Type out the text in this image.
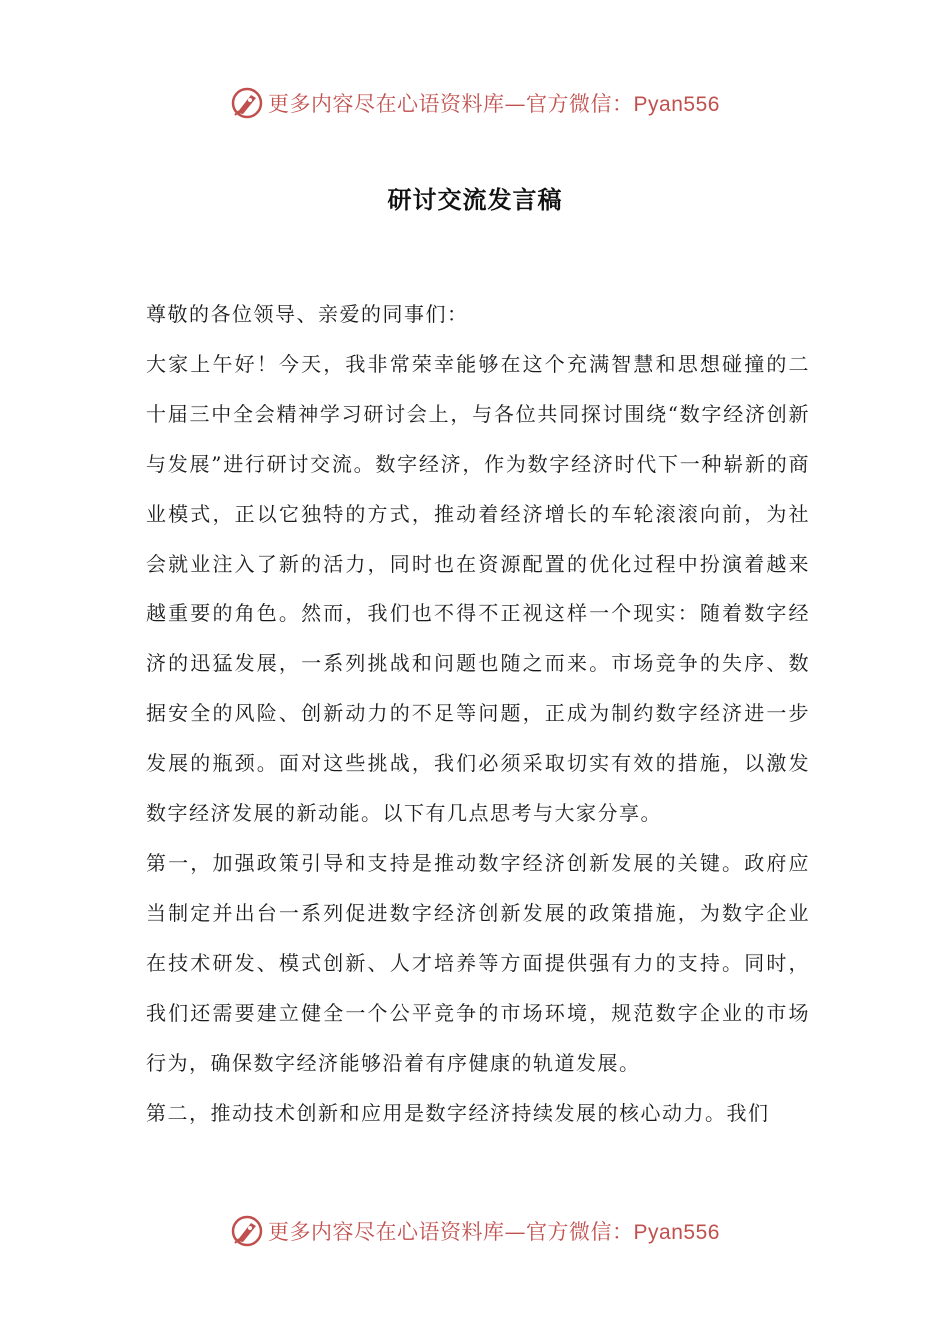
更多内容尽在心语资料库—官方微信：Pyan556
研讨交流发言稿

尊敬的各位领导、亲爱的同事们：

大家上午好！今天，我非常荣幸能够在这个充满智慧和思想碰撞的二十届三中全会精神学习研讨会上，与各位共同探讨围绕“数字经济创新与发展”进行研讨交流。数字经济，作为数字经济时代下一种崭新的商业模式，正以它独特的方式，推动着经济增长的车轮滚滚向前，为社会就业注入了新的活力，同时也在资源配置的优化过程中扮演着越来越重要的角色。然而，我们也不得不正视这样一个现实：随着数字经济的迅猛发展，一系列挑战和问题也随之而来。市场竞争的失序、数据安全的风险、创新动力的不足等问题，正成为制约数字经济进一步发展的瓶颈。面对这些挑战，我们必须采取切实有效的措施，以激发数字经济发展的新动能。以下有几点思考与大家分享。

第一，加强政策引导和支持是推动数字经济创新发展的关键。政府应当制定并出台一系列促进数字经济创新发展的政策措施，为数字企业在技术研发、模式创新、人才培养等方面提供强有力的支持。同时，我们还需要建立健全一个公平竞争的市场环境，规范数字企业的市场行为，确保数字经济能够沿着有序健康的轨道发展。

第二，推动技术创新和应用是数字经济持续发展的核心动力。我们

更多内容尽在心语资料库—官方微信：Pyan556
